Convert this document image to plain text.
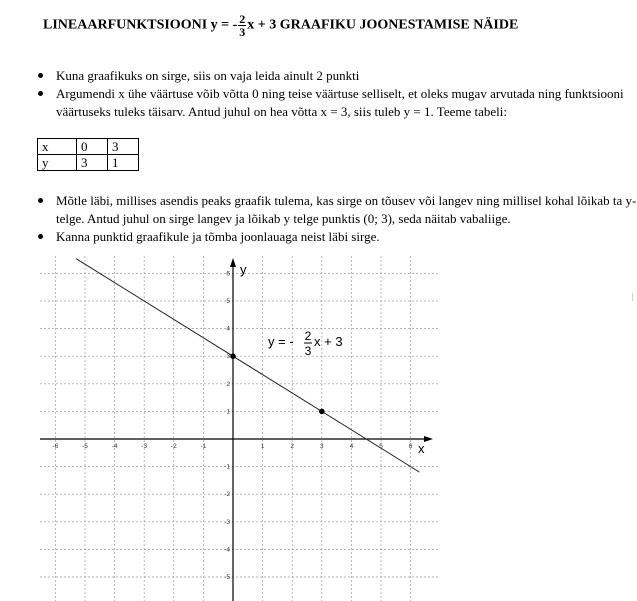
LINEAARFUNKTSIOONI y = - $\frac{2}{3}$ x + 3 GRAAFIKU JOONESTAMISE NÄIDE
Kuna graafikuks on sirge, siis on vaja leida ainult 2 punkti
Argumendi x ühe väärtuse võib võtta 0 ning teise väärtuse selliselt, et oleks mugav arvutada ning funktsiooni väärtuseks tuleks täisarv. Antud juhul on hea võtta x = 3, siis tuleb y = 1. Teeme tabeli:
x	0	3
y	3	1
Mõtle läbi, millises asendis peaks graafik tulema, kas sirge on tõusev või langev ning millisel kohal lõikab ta y-telge. Antud juhul on sirge langev ja lõikab y telge punktis (0; 3), seda näitab vabaliige.
Kanna punktid graafikule ja tõmba joonlauaga neist läbi sirge.
-6	-5	-4	-3	-2	-1	1	2	3	4	5	6
6
5
4
3
2
1
-1
-2
-3
-4
-5
x
y
y = - 2
3
x + 3
